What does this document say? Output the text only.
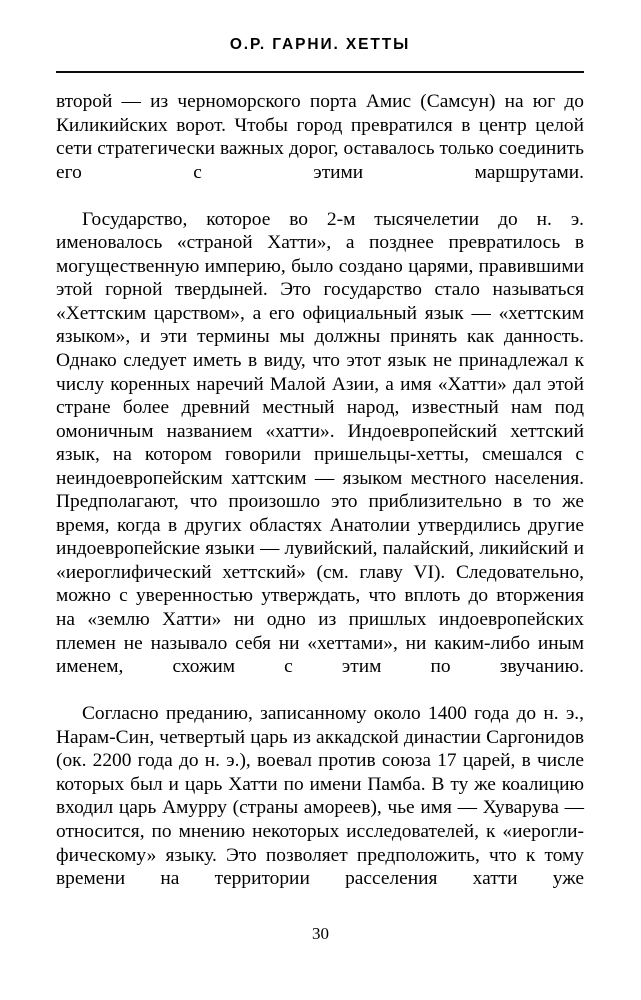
О.Р. ГАРНИ. ХЕТТЫ

второй — из черноморского порта Амис (Самсун) на юг до Киликийских ворот. Чтобы город превратился в центр целой сети стратегически важных дорог, оставалось только соединить его с этими маршрутами.

Государство, которое во 2-м тысячелетии до н. э. именовалось «страной Хатти», а позднее превратилось в могущественную империю, было создано царями, правившими этой горной твердыней. Это государство стало называться «Хеттским царством», а его официальный язык — «хеттским языком», и эти термины мы должны принять как данность. Однако следует иметь в виду, что этот язык не принадлежал к числу коренных наречий Малой Азии, а имя «Хатти» дал этой стране более древний местный народ, известный нам под омоничным названием «хатти». Индоевропейский хеттский язык, на котором говорили пришельцы-хетты, смешался с неиндоевропейским хаттским — языком местного населения. Предполагают, что произошло это приблизительно в то же время, когда в других областях Анатолии утвердились другие индоевропейские языки — лувийский, палайский, ликийский и «иероглифический хеттский» (см. главу VI). Следовательно, можно с уверенностью утверждать, что вплоть до вторжения на «землю Хатти» ни одно из пришлых индоевропейских племен не называло себя ни «хеттами», ни каким-либо иным именем, схожим с этим по звучанию.

Согласно преданию, записанному около 1400 года до н. э., Нарам-Син, четвертый царь из аккадской династии Саргонидов (ок. 2200 года до н. э.), воевал против союза 17 царей, в числе которых был и царь Хатти по имени Памба. В ту же коалицию входил царь Амурру (страны амореев), чье имя — Хуварува — относится, по мнению некоторых исследователей, к «иероглифическому» языку. Это позволяет предположить, что к тому времени на территории расселения хатти уже

30
